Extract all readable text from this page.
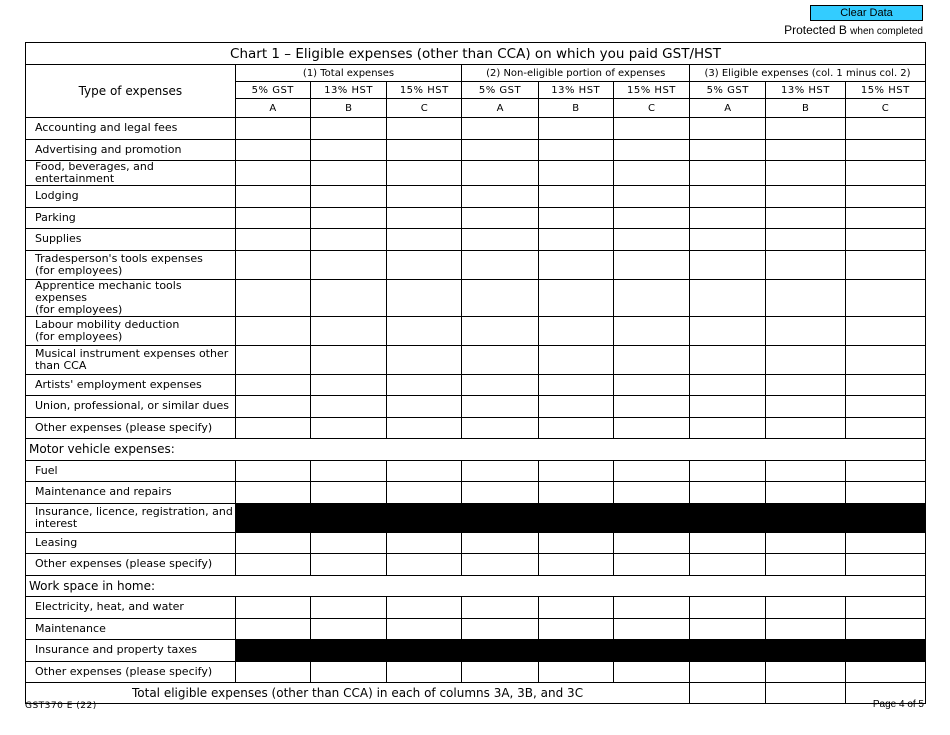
Clear Data
Protected B when completed
Chart 1 – Eligible expenses (other than CCA) on which you paid GST/HST									
Type of expenses	(1) Total expenses			(2) Non-eligible portion of expenses			(3) Eligible expenses (col. 1 minus col. 2)		
	5% GST	13% HST	15% HST	5% GST	13% HST	15% HST	5% GST	13% HST	15% HST
	A	B	C	A	B	C	A	B	C

Accounting and legal fees									

Advertising and promotion									

Food, beverages, and entertainment									

Lodging									

Parking									

Supplies									

Tradesperson's tools expenses
(for employees)									

Apprentice mechanic tools expenses
(for employees)									

Labour mobility deduction
(for employees)									

Musical instrument expenses other
than CCA									

Artists' employment expenses									

Union, professional, or similar dues									

Other expenses (please specify)									

Motor vehicle expenses:									

Fuel									

Maintenance and repairs									

Insurance, licence, registration, and
interest									

Leasing									

Other expenses (please specify)									

Work space in home:									

Electricity, heat, and water									

Maintenance									

Insurance and property taxes									

Other expenses (please specify)									

Total eligible expenses (other than CCA) in each of columns 3A, 3B, and 3C									
GST370 E (22)	Page 4 of 5
